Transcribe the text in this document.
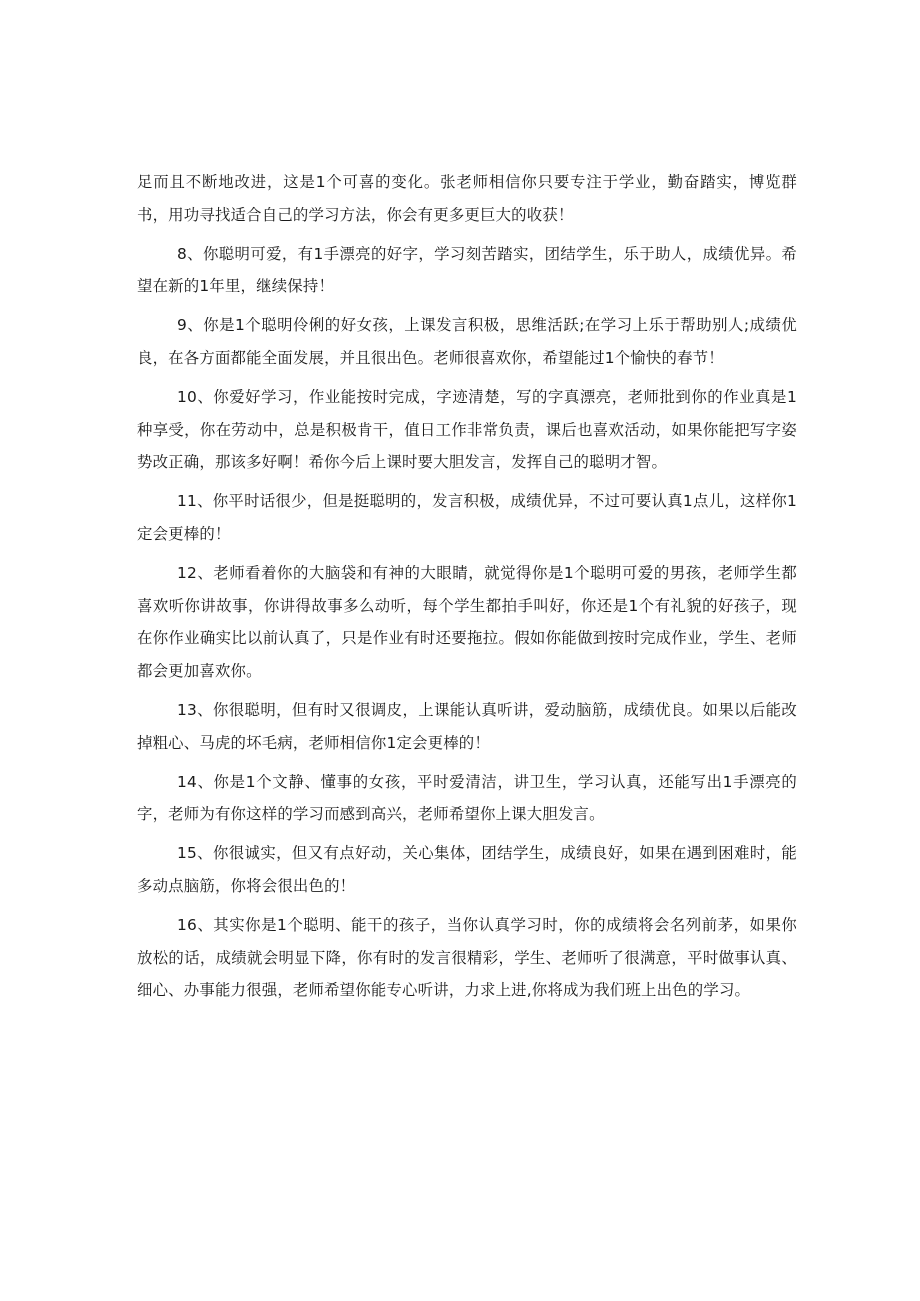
足而且不断地改进，这是1个可喜的变化。张老师相信你只要专注于学业，勤奋踏实，博览群书，用功寻找适合自己的学习方法，你会有更多更巨大的收获！

8、你聪明可爱，有1手漂亮的好字，学习刻苦踏实，团结学生，乐于助人，成绩优异。希望在新的1年里，继续保持！

9、你是1个聪明伶俐的好女孩，上课发言积极，思维活跃;在学习上乐于帮助别人;成绩优良，在各方面都能全面发展，并且很出色。老师很喜欢你，希望能过1个愉快的春节！

10、你爱好学习，作业能按时完成，字迹清楚，写的字真漂亮，老师批到你的作业真是1种享受，你在劳动中，总是积极肯干，值日工作非常负责，课后也喜欢活动，如果你能把写字姿势改正确，那该多好啊！希你今后上课时要大胆发言，发挥自己的聪明才智。

11、你平时话很少，但是挺聪明的，发言积极，成绩优异，不过可要认真1点儿，这样你1定会更棒的！

12、老师看着你的大脑袋和有神的大眼睛，就觉得你是1个聪明可爱的男孩，老师学生都喜欢听你讲故事，你讲得故事多么动听，每个学生都拍手叫好，你还是1个有礼貌的好孩子，现在你作业确实比以前认真了，只是作业有时还要拖拉。假如你能做到按时完成作业，学生、老师都会更加喜欢你。

13、你很聪明，但有时又很调皮，上课能认真听讲，爱动脑筋，成绩优良。如果以后能改掉粗心、马虎的坏毛病，老师相信你1定会更棒的！

14、你是1个文静、懂事的女孩，平时爱清洁，讲卫生，学习认真，还能写出1手漂亮的字，老师为有你这样的学习而感到高兴，老师希望你上课大胆发言。

15、你很诚实，但又有点好动，关心集体，团结学生，成绩良好，如果在遇到困难时，能多动点脑筋，你将会很出色的！

16、其实你是1个聪明、能干的孩子，当你认真学习时，你的成绩将会名列前茅，如果你放松的话，成绩就会明显下降，你有时的发言很精彩，学生、老师听了很满意，平时做事认真、细心、办事能力很强，老师希望你能专心听讲，力求上进,你将成为我们班上出色的学习。
